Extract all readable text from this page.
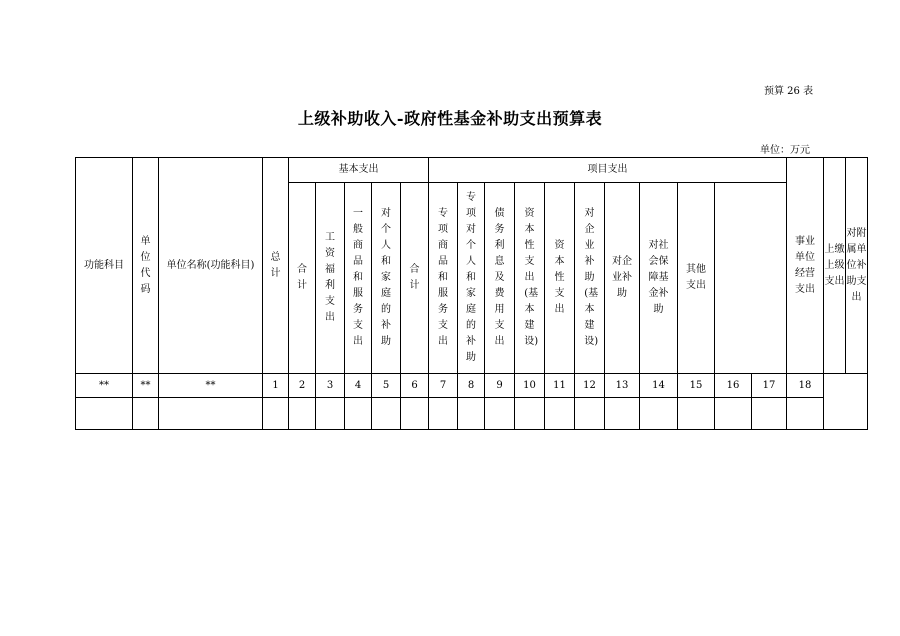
预算 26 表
上级补助收入-政府性基金补助支出预算表
单位：万元
功能科目	单位代码	单位名称(功能科目)	总计	基本支出					项目支出											事业单位经营支出	上缴上级支出	对附属单位补助支出
				合计	工资福利支出	一般商品和服务支出	对个人和家庭的补助	合计	专项商品和服务支出	专项对个人和家庭的补助	债务利息及费用支出	资本性支出(基本建设)	资本性支出	对企业补助(基本建设)	对企业补助	对社会保障基金补助	其他支出					
**	**	**	1	2	3	4	5	6	7	8	9	10	11	12	13	14	15	16	17	18		
